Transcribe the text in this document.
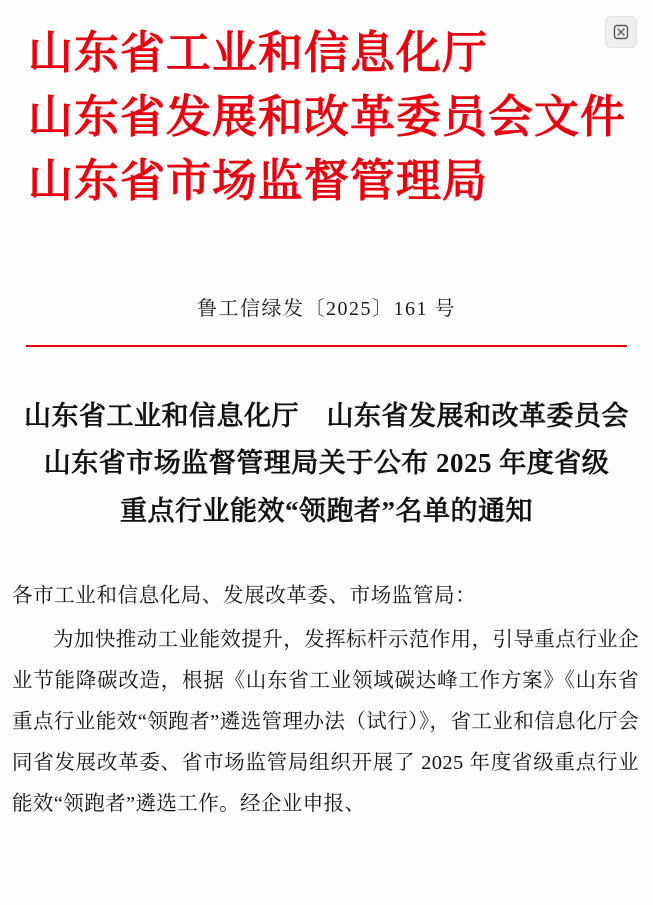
山东省工业和信息化厅
山东省发展和改革委员会文件
山东省市场监督管理局
鲁工信绿发〔2025〕161 号
山东省工业和信息化厅　山东省发展和改革委员会
山东省市场监督管理局关于公布 2025 年度省级
重点行业能效“领跑者”名单的通知
各市工业和信息化局、发展改革委、市场监管局：

为加快推动工业能效提升，发挥标杆示范作用，引导重点行业企业节能降碳改造，根据《山东省工业领域碳达峰工作方案》《山东省重点行业能效“领跑者”遴选管理办法（试行）》，省工业和信息化厅会同省发展改革委、省市场监管局组织开展了 2025 年度省级重点行业能效“领跑者”遴选工作。经企业申报、
